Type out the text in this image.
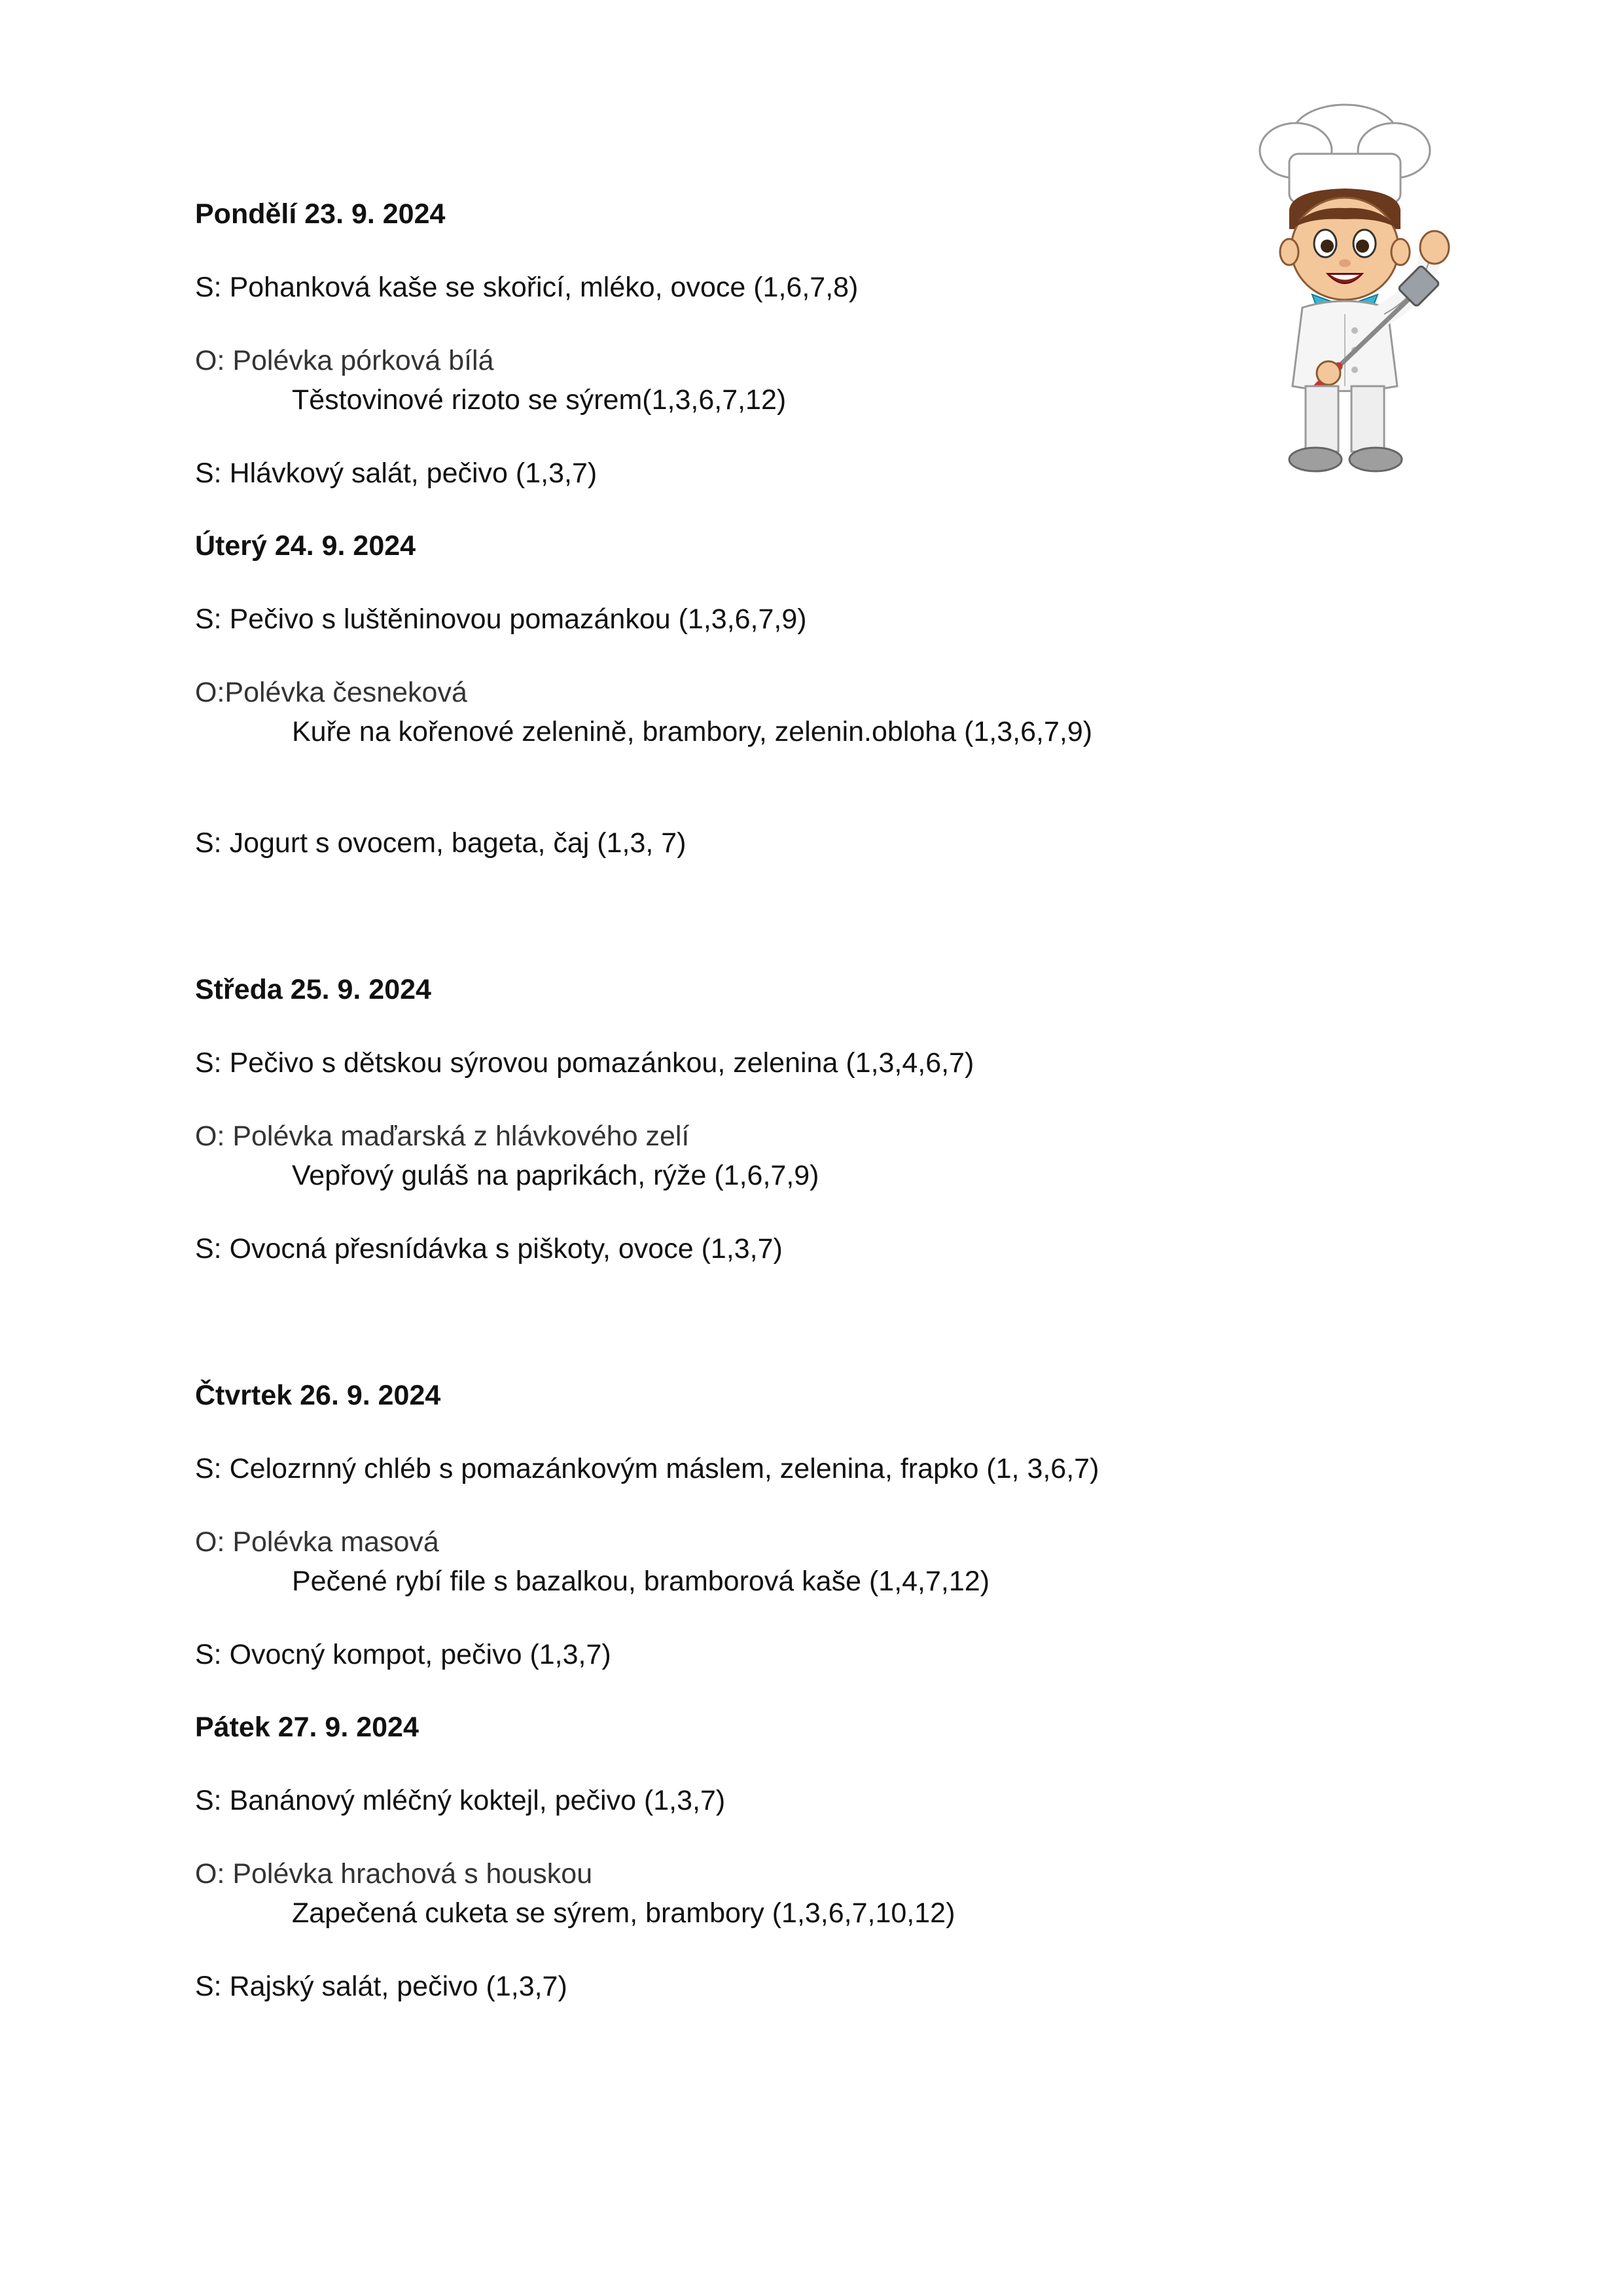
Pondělí 23. 9. 2024
S: Pohanková kaše se skořicí, mléko, ovoce (1,6,7,8)
O: Polévka pórková bílá
Těstovinové rizoto se sýrem(1,3,6,7,12)
S: Hlávkový salát, pečivo (1,3,7)
Úterý 24. 9. 2024
S: Pečivo s luštěninovou pomazánkou (1,3,6,7,9)
O:Polévka česneková
Kuře na kořenové zelenině, brambory, zelenin.obloha (1,3,6,7,9)
S: Jogurt s ovocem, bageta, čaj (1,3, 7)
Středa 25. 9. 2024
S: Pečivo s dětskou sýrovou pomazánkou, zelenina (1,3,4,6,7)
O: Polévka maďarská z hlávkového zelí
Vepřový guláš na paprikách, rýže (1,6,7,9)
S: Ovocná přesnídávka s piškoty, ovoce (1,3,7)
Čtvrtek 26. 9. 2024
S: Celozrnný chléb s pomazánkovým máslem, zelenina, frapko (1, 3,6,7)
O: Polévka masová
Pečené rybí file s bazalkou, bramborová kaše (1,4,7,12)
S: Ovocný kompot, pečivo (1,3,7)
Pátek 27. 9. 2024
S: Banánový mléčný koktejl, pečivo (1,3,7)
O: Polévka hrachová s houskou
Zapečená cuketa se sýrem, brambory (1,3,6,7,10,12)
S: Rajský salát, pečivo (1,3,7)
